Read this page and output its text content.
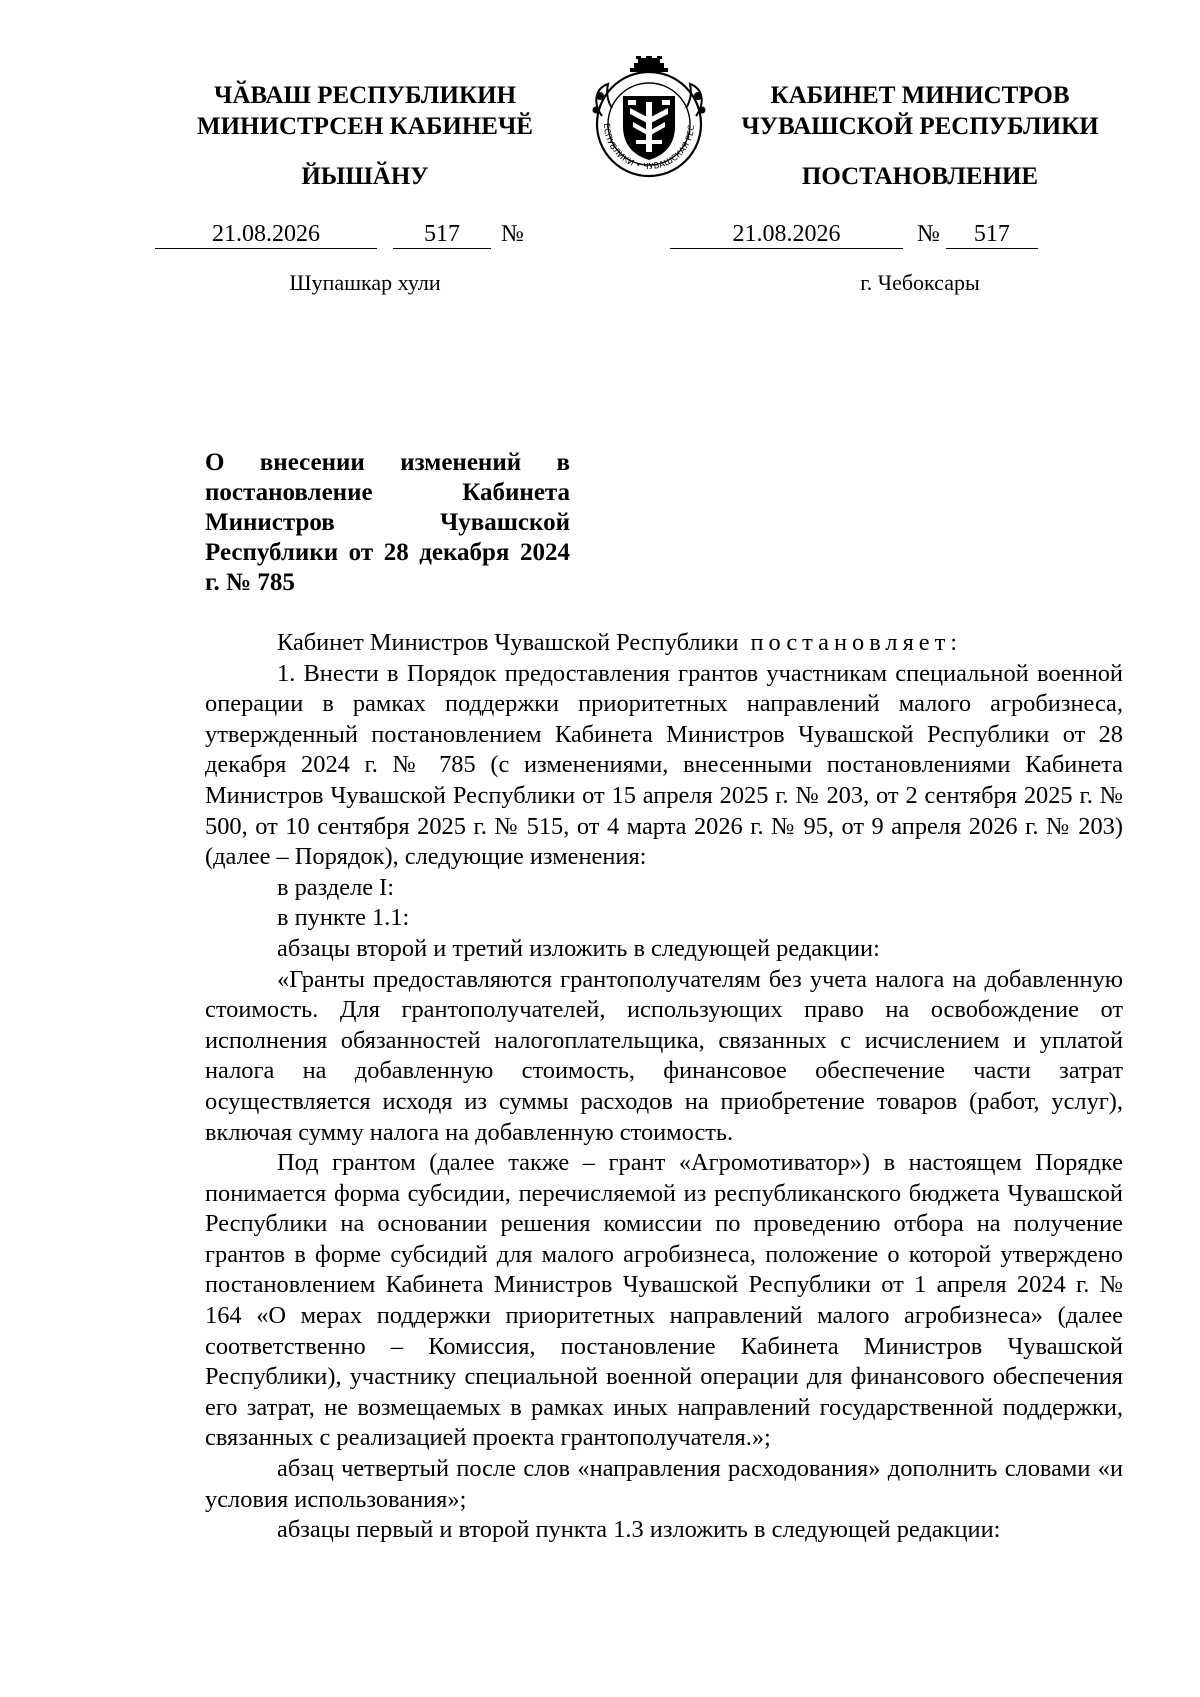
ЧӐВАШ РЕСПУБЛИКИН
МИНИСТРСЕН КАБИНЕЧӖ
ЙЫШӐНУ
ЕСПУБЛИКИ • ЧУВАШСКАЯ РЕС
КАБИНЕТ МИНИСТРОВ
ЧУВАШСКОЙ РЕСПУБЛИКИ
ПОСТАНОВЛЕНИЕ
21.08.2026	517 №	21.08.2026	№ 517
Шупашкар хули	г. Чебоксары
О внесении изменений в постановление Кабинета Министров Чувашской Республики от 28 декабря 2024 г. № 785

Кабинет Министров Чувашской Республики постановляет:

1. Внести в Порядок предоставления грантов участникам специальной военной операции в рамках поддержки приоритетных направлений малого агробизнеса, утвержденный постановлением Кабинета Министров Чувашской Республики от 28 декабря 2024 г. № 785 (с изменениями, внесенными постановлениями Кабинета Министров Чувашской Республики от 15 апреля 2025 г. № 203, от 2 сентября 2025 г. № 500, от 10 сентября 2025 г. № 515, от 4 марта 2026 г. № 95, от 9 апреля 2026 г. № 203) (далее – Порядок), следующие изменения:

в разделе I:

в пункте 1.1:

абзацы второй и третий изложить в следующей редакции:

«Гранты предоставляются грантополучателям без учета налога на добавленную стоимость. Для грантополучателей, использующих право на освобождение от исполнения обязанностей налогоплательщика, связанных с исчислением и уплатой налога на добавленную стоимость, финансовое обеспечение части затрат осуществляется исходя из суммы расходов на приобретение товаров (работ, услуг), включая сумму налога на добавленную стоимость.

Под грантом (далее также – грант «Агромотиватор») в настоящем Порядке понимается форма субсидии, перечисляемой из республиканского бюджета Чувашской Республики на основании решения комиссии по проведению отбора на получение грантов в форме субсидий для малого агробизнеса, положение о которой утверждено постановлением Кабинета Министров Чувашской Республики от 1 апреля 2024 г. № 164 «О мерах поддержки приоритетных направлений малого агробизнеса» (далее соответственно – Комиссия, постановление Кабинета Министров Чувашской Республики), участнику специальной военной операции для финансового обеспечения его затрат, не возмещаемых в рамках иных направлений государственной поддержки, связанных с реализацией проекта грантополучателя.»;

абзац четвертый после слов «направления расходования» дополнить словами «и условия использования»;

абзацы первый и второй пункта 1.3 изложить в следующей редакции:
